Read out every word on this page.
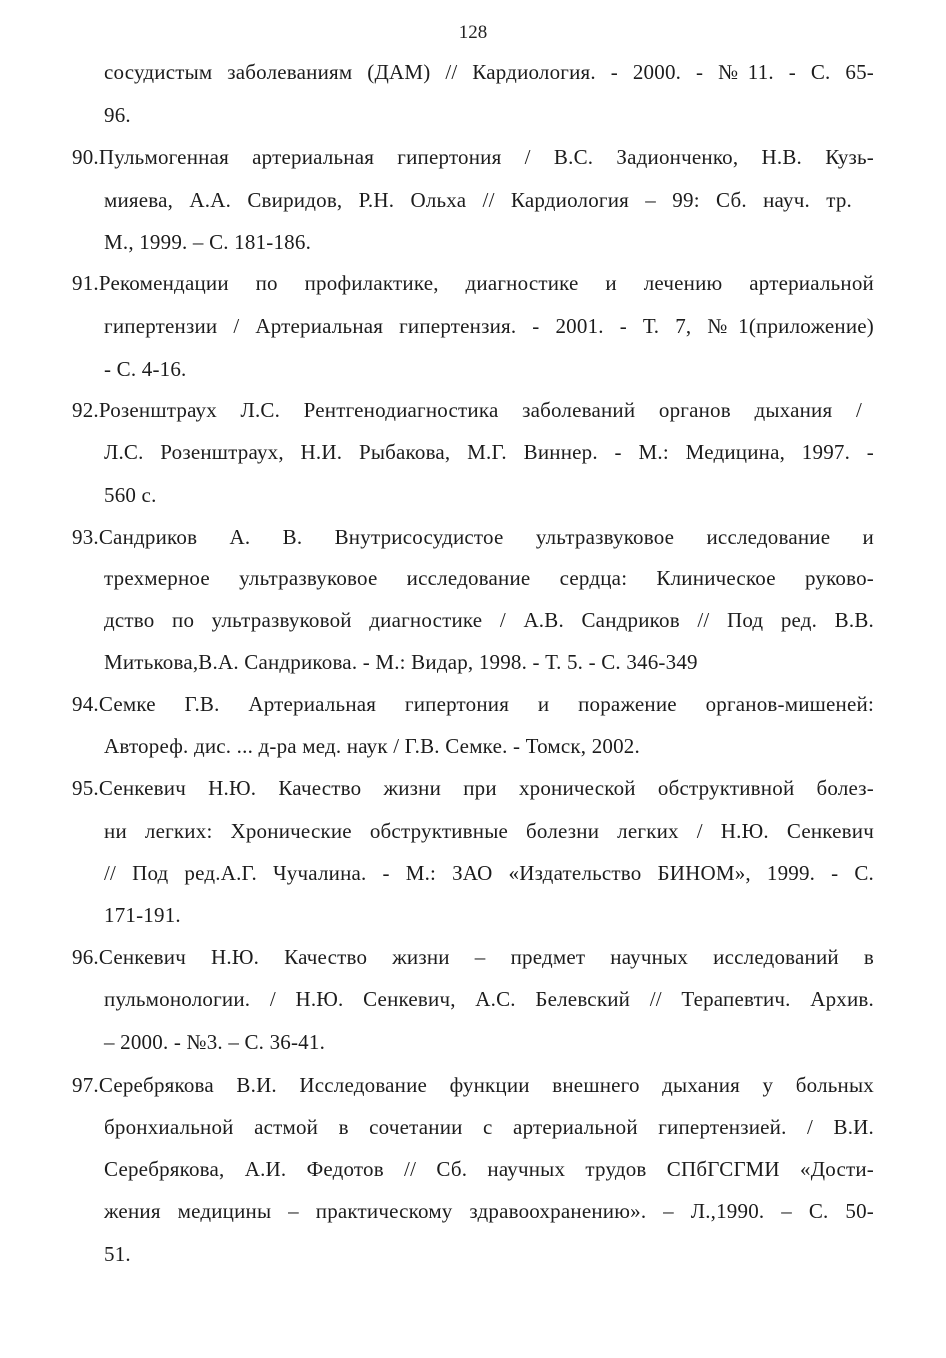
128
сосудистым заболеваниям (ДАМ) // Кардиология. - 2000. - №11. - С. 65-
96.
90.Пульмогенная артериальная гипертония / В.С. Задионченко, Н.В. Кузь-
мияева, А.А. Свиридов, Р.Н. Ольха // Кардиология – 99: Сб. науч. тр.
М., 1999. – С. 181-186.
91.Рекомендации по профилактике, диагностике и лечению артериальной
гипертензии / Артериальная гипертензия. - 2001. - Т. 7, №1(приложение)
- С. 4-16.
92.Розенштраух Л.С. Рентгенодиагностика заболеваний органов дыхания /
Л.С. Розенштраух, Н.И. Рыбакова, М.Г. Виннер. - М.: Медицина, 1997. -
560 с.
93.Сандриков А. В. Внутрисосудистое ультразвуковое исследование и
трехмерное ультразвуковое исследование сердца: Клиническое руково-
дство по ультразвуковой диагностике / А.В. Сандриков // Под ред. В.В.
Митькова,В.А. Сандрикова. - М.: Видар, 1998. - Т. 5. - С. 346-349
94.Семке Г.В. Артериальная гипертония и поражение органов-мишеней:
Автореф. дис. ... д-ра мед. наук / Г.В. Семке. - Томск, 2002.
95.Сенкевич Н.Ю. Качество жизни при хронической обструктивной болез-
ни легких: Хронические обструктивные болезни легких / Н.Ю. Сенкевич
// Под ред.А.Г. Чучалина. - М.: ЗАО «Издательство БИНОМ», 1999. - С.
171-191.
96.Сенкевич Н.Ю. Качество жизни – предмет научных исследований в
пульмонологии. / Н.Ю. Сенкевич, А.С. Белевский // Терапевтич. Архив.
– 2000. - №3. – С. 36-41.
97.Серебрякова В.И. Исследование функции внешнего дыхания у больных
бронхиальной астмой в сочетании с артериальной гипертензией. / В.И.
Серебрякова, А.И. Федотов // Сб. научных трудов СПбГСГМИ «Дости-
жения медицины – практическому здравоохранению». – Л.,1990. – С. 50-
51.
